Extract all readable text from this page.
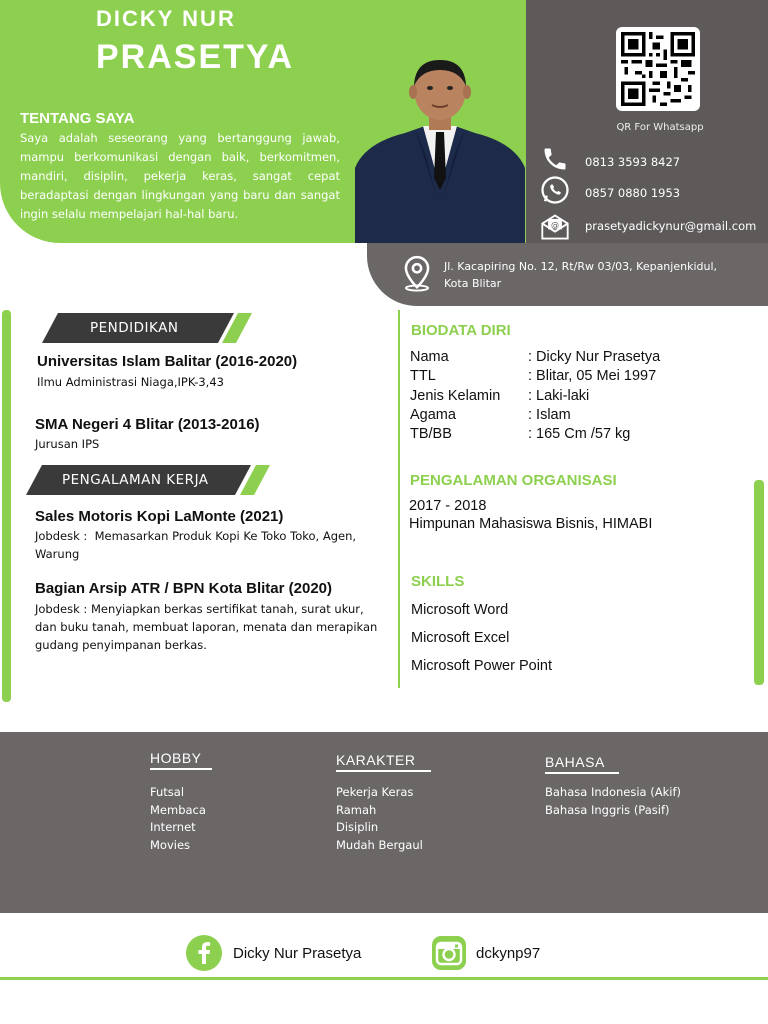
DICKY NUR
PRASETYA
TENTANG SAYA
Saya adalah seseorang yang bertanggung jawab, mampu berkomunikasi dengan baik, berkomitmen, mandiri, disiplin, pekerja keras, sangat cepat beradaptasi dengan lingkungan yang baru dan sangat ingin selalu mempelajari hal-hal baru.
QR For Whatsapp
0813 3593 8427
0857 0880 1953
@ prasetyadickynur@gmail.com
Jl. Kacapiring No. 12, Rt/Rw 03/03, Kepanjenkidul,
Kota Blitar
PENDIDIKAN
Universitas Islam Balitar (2016-2020)
Ilmu Administrasi Niaga,IPK-3,43
SMA Negeri 4 Blitar (2013-2016)
Jurusan IPS
PENGALAMAN KERJA
Sales Motoris Kopi LaMonte (2021)
Jobdesk : Memasarkan Produk Kopi Ke Toko Toko, Agen,
Warung
Bagian Arsip ATR / BPN Kota Blitar (2020)
Jobdesk : Menyiapkan berkas sertifikat tanah, surat ukur,
dan buku tanah, membuat laporan, menata dan merapikan
gudang penyimpanan berkas.
BIODATA DIRI
Nama	: Dicky Nur Prasetya
TTL	: Blitar, 05 Mei 1997
Jenis Kelamin	: Laki-laki
Agama	: Islam
TB/BB	: 165 Cm /57 kg
PENGALAMAN ORGANISASI
2017 - 2018
Himpunan Mahasiswa Bisnis, HIMABI
SKILLS
Microsoft Word
Microsoft Excel
Microsoft Power Point
HOBBY
Futsal
Membaca
Internet
Movies
KARAKTER
Pekerja Keras
Ramah
Disiplin
Mudah Bergaul
BAHASA
Bahasa Indonesia (Akif)
Bahasa Inggris (Pasif)
Dicky Nur Prasetya	dckynp97
